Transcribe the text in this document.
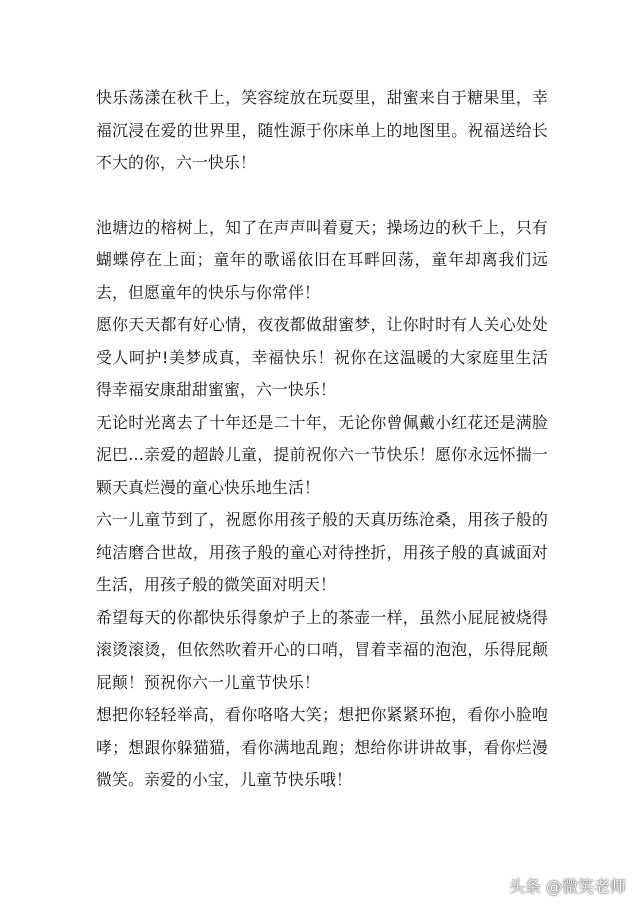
快乐荡漾在秋千上，笑容绽放在玩耍里，甜蜜来自于糖果里，幸福沉浸在爱的世界里，随性源于你床单上的地图里。祝福送给长不大的你，六一快乐！

池塘边的榕树上，知了在声声叫着夏天；操场边的秋千上，只有蝴蝶停在上面；童年的歌谣依旧在耳畔回荡，童年却离我们远去，但愿童年的快乐与你常伴！

愿你天天都有好心情，夜夜都做甜蜜梦，让你时时有人关心处处受人呵护!美梦成真，幸福快乐！祝你在这温暖的大家庭里生活得幸福安康甜甜蜜蜜，六一快乐！

无论时光离去了十年还是二十年，无论你曾佩戴小红花还是满脸泥巴...亲爱的超龄儿童，提前祝你六一节快乐！愿你永远怀揣一颗天真烂漫的童心快乐地生活！

六一儿童节到了，祝愿你用孩子般的天真历练沧桑，用孩子般的纯洁磨合世故，用孩子般的童心对待挫折，用孩子般的真诚面对生活，用孩子般的微笑面对明天！

希望每天的你都快乐得象炉子上的茶壶一样，虽然小屁屁被烧得滚烫滚烫，但依然吹着开心的口哨，冒着幸福的泡泡，乐得屁颠屁颠！预祝你六一儿童节快乐！

想把你轻轻举高，看你咯咯大笑；想把你紧紧环抱，看你小脸咆哮；想跟你躲猫猫，看你满地乱跑；想给你讲讲故事，看你烂漫微笑。亲爱的小宝，儿童节快乐哦！

头条 @微笑老师
